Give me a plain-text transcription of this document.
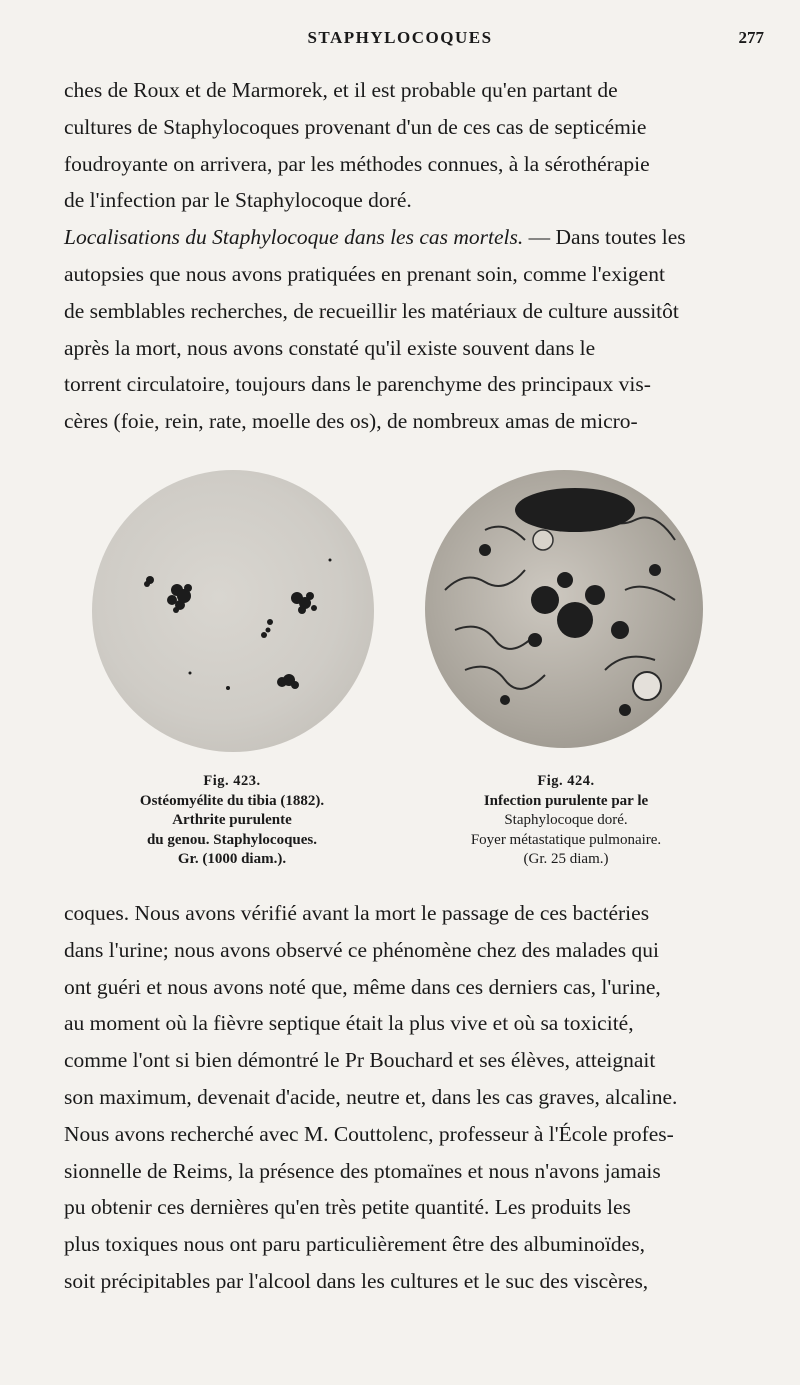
STAPHYLOCOQUES	277
ches de Roux et de Marmorek, et il est probable qu'en partant de
cultures de Staphylocoques provenant d'un de ces cas de septicémie
foudroyante on arrivera, par les méthodes connues, à la sérothérapie
de l'infection par le Staphylocoque doré.
Localisations du Staphylocoque dans les cas mortels. — Dans toutes les
autopsies que nous avons pratiquées en prenant soin, comme l'exigent
de semblables recherches, de recueillir les matériaux de culture aussitôt
après la mort, nous avons constaté qu'il existe souvent dans le
torrent circulatoire, toujours dans le parenchyme des principaux vis-
cères (foie, rein, rate, moelle des os), de nombreux amas de micro-
Fig. 423.
Ostéomyélite du tibia (1882).
Arthrite purulente
du genou. Staphylocoques.
Gr. (1000 diam.).
Fig. 424.
Infection purulente par le
Staphylocoque doré.
Foyer métastatique pulmonaire.
(Gr. 25 diam.)
coques. Nous avons vérifié avant la mort le passage de ces bactéries
dans l'urine; nous avons observé ce phénomène chez des malades qui
ont guéri et nous avons noté que, même dans ces derniers cas, l'urine,
au moment où la fièvre septique était la plus vive et où sa toxicité,
comme l'ont si bien démontré le Pr Bouchard et ses élèves, atteignait
son maximum, devenait d'acide, neutre et, dans les cas graves, alcaline.
Nous avons recherché avec M. Couttolenc, professeur à l'École profes-
sionnelle de Reims, la présence des ptomaïnes et nous n'avons jamais
pu obtenir ces dernières qu'en très petite quantité. Les produits les
plus toxiques nous ont paru particulièrement être des albuminoïdes,
soit précipitables par l'alcool dans les cultures et le suc des viscères,
